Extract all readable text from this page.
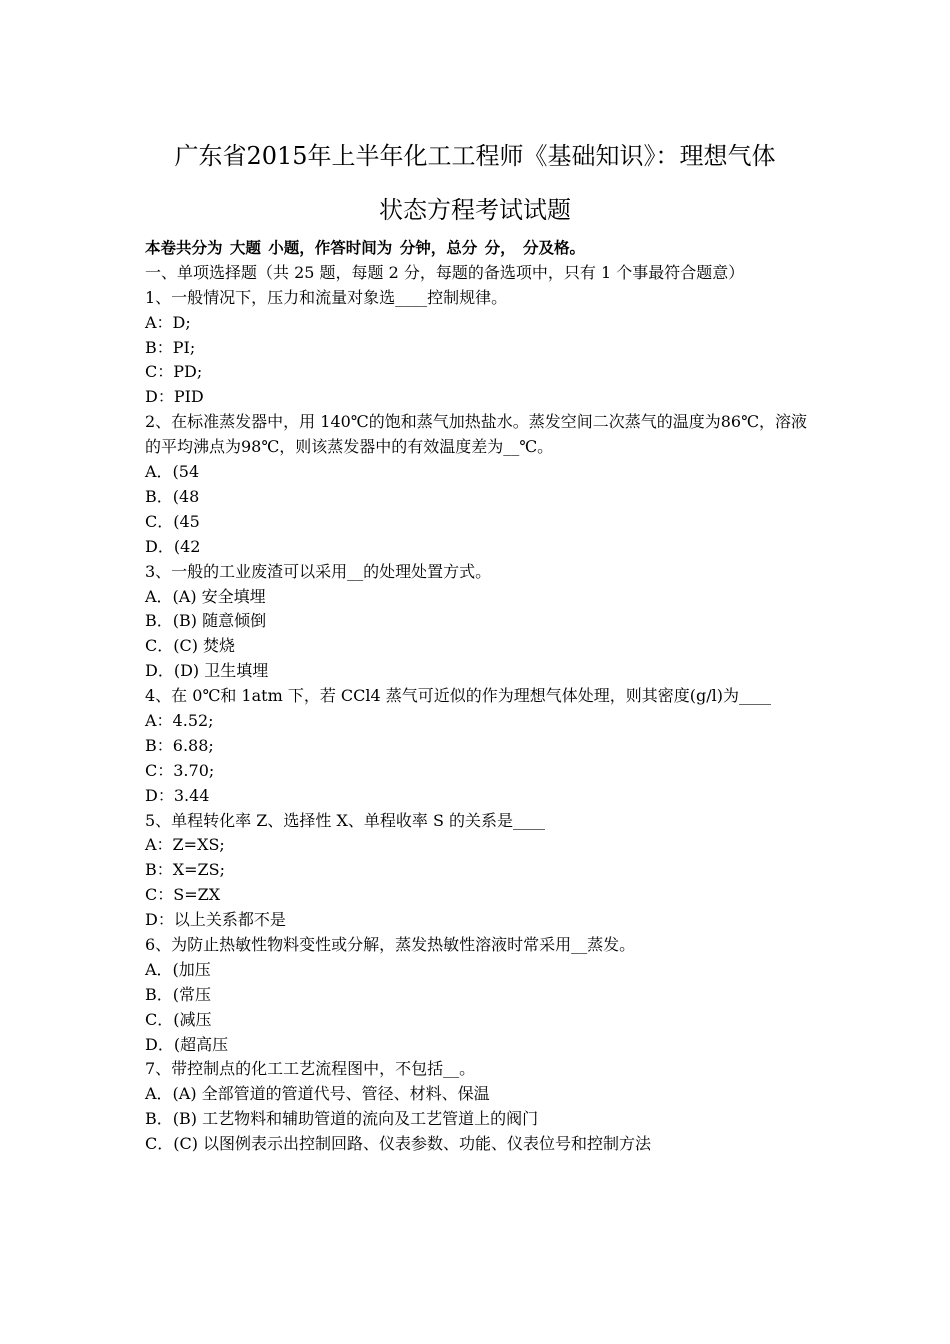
广东省2015年上半年化工工程师《基础知识》：理想气体
状态方程考试试题
本卷共分为 大题 小题，作答时间为 分钟，总分 分， 分及格。
一、单项选择题（共 25 题，每题 2 分，每题的备选项中，只有 1 个事最符合题意）
1、一般情况下，压力和流量对象选____控制规律。
A：D;
B：PI;
C：PD;
D：PID
2、在标准蒸发器中，用 140℃的饱和蒸气加热盐水。蒸发空间二次蒸气的温度为86℃，溶液的平均沸点为98℃，则该蒸发器中的有效温度差为__℃。
A．(54
B．(48
C．(45
D．(42
3、一般的工业废渣可以采用__的处理处置方式。
A．(A) 安全填埋
B．(B) 随意倾倒
C．(C) 焚烧
D．(D) 卫生填埋
4、在 0℃和 1atm 下，若 CCl4 蒸气可近似的作为理想气体处理，则其密度(g/l)为____
A：4.52;
B：6.88;
C：3.70;
D：3.44
5、单程转化率 Z、选择性 X、单程收率 S 的关系是____
A：Z=XS;
B：X=ZS;
C：S=ZX
D：以上关系都不是
6、为防止热敏性物料变性或分解，蒸发热敏性溶液时常采用__蒸发。
A．(加压
B．(常压
C．(减压
D．(超高压
7、带控制点的化工工艺流程图中，不包括__。
A．(A) 全部管道的管道代号、管径、材料、保温
B．(B) 工艺物料和辅助管道的流向及工艺管道上的阀门
C．(C) 以图例表示出控制回路、仪表参数、功能、仪表位号和控制方法
